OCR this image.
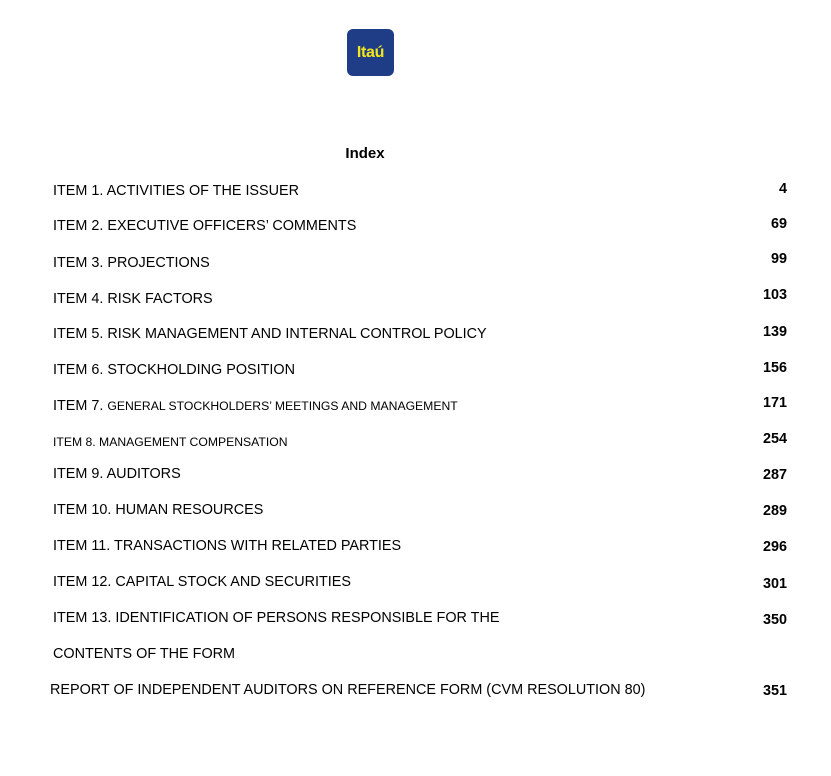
Itaú
Index
ITEM 1. ACTIVITIES OF THE ISSUER	4
ITEM 2. EXECUTIVE OFFICERS’ COMMENTS	69
ITEM 3. PROJECTIONS	99
ITEM 4. RISK FACTORS	103
ITEM 5. RISK MANAGEMENT AND INTERNAL CONTROL POLICY	139
ITEM 6. STOCKHOLDING POSITION	156
ITEM 7. GENERAL STOCKHOLDERS’ MEETINGS AND MANAGEMENT	171
ITEM 8. MANAGEMENT COMPENSATION	254
ITEM 9. AUDITORS	287
ITEM 10. HUMAN RESOURCES	289
ITEM 11. TRANSACTIONS WITH RELATED PARTIES	296
ITEM 12. CAPITAL STOCK AND SECURITIES	301
ITEM 13. IDENTIFICATION OF PERSONS RESPONSIBLE FOR THE	350
CONTENTS OF THE FORM
REPORT OF INDEPENDENT AUDITORS ON REFERENCE FORM (CVM RESOLUTION 80)	351
